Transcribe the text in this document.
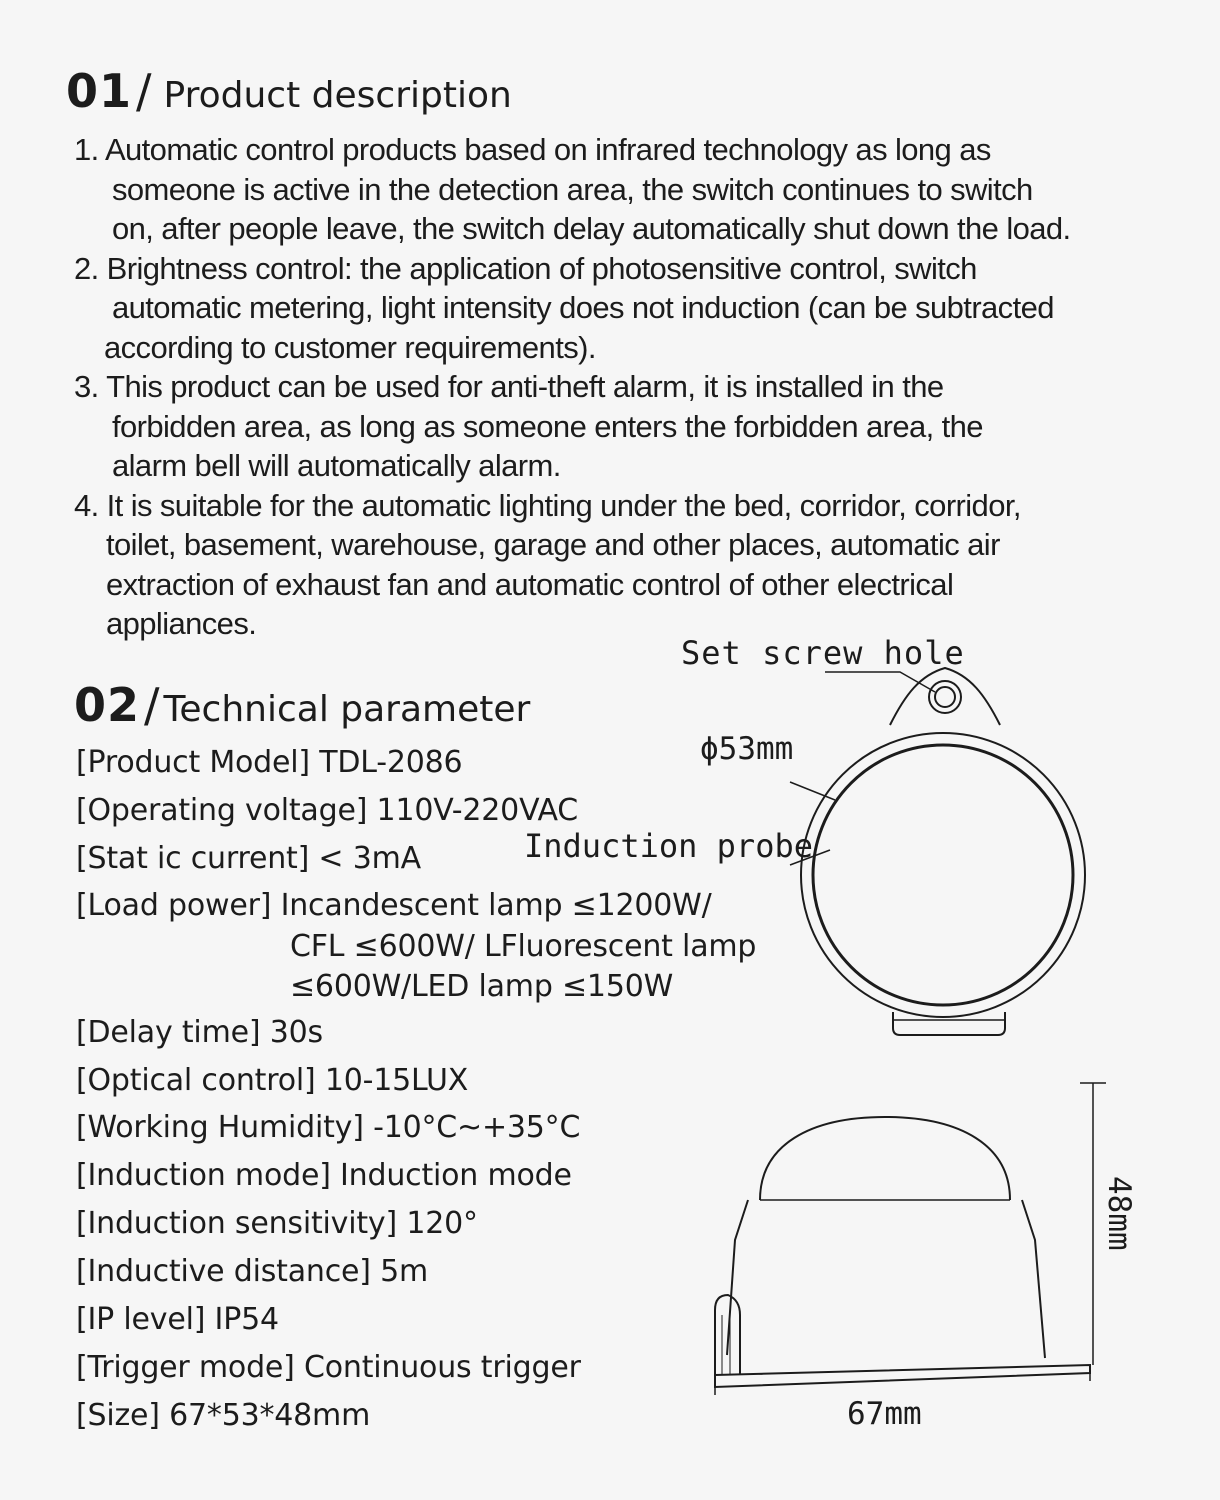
01 / Product description

1. Automatic control products based on infrared technology as long as
someone is active in the detection area, the switch continues to switch
on, after people leave, the switch delay automatically shut down the load.

2. Brightness control: the application of photosensitive control, switch
automatic metering, light intensity does not induction (can be subtracted
according to customer requirements).

3. This product can be used for anti-theft alarm, it is installed in the
forbidden area, as long as someone enters the forbidden area, the
alarm bell will automatically alarm.

4. It is suitable for the automatic lighting under the bed, corridor, corridor,
toilet, basement, warehouse, garage and other places, automatic air
extraction of exhaust fan and automatic control of other electrical
appliances.

02 / Technical parameter
[Product Model] TDL-2086
[Operating voltage] 110V-220VAC
[Stat ic current] < 3mA
[Load power] Incandescent lamp ≤1200W/
CFL ≤600W/ LFluorescent lamp
≤600W/LED lamp ≤150W
[Delay time] 30s
[Optical control] 10-15LUX
[Working Humidity] -10°C~+35°C
[Induction mode] Induction mode
[Induction sensitivity] 120°
[Inductive distance] 5m
[IP level] IP54
[Trigger mode] Continuous trigger
[Size] 67*53*48mm
Set screw hole
ϕ53mm
Induction probe
67mm
48mm
